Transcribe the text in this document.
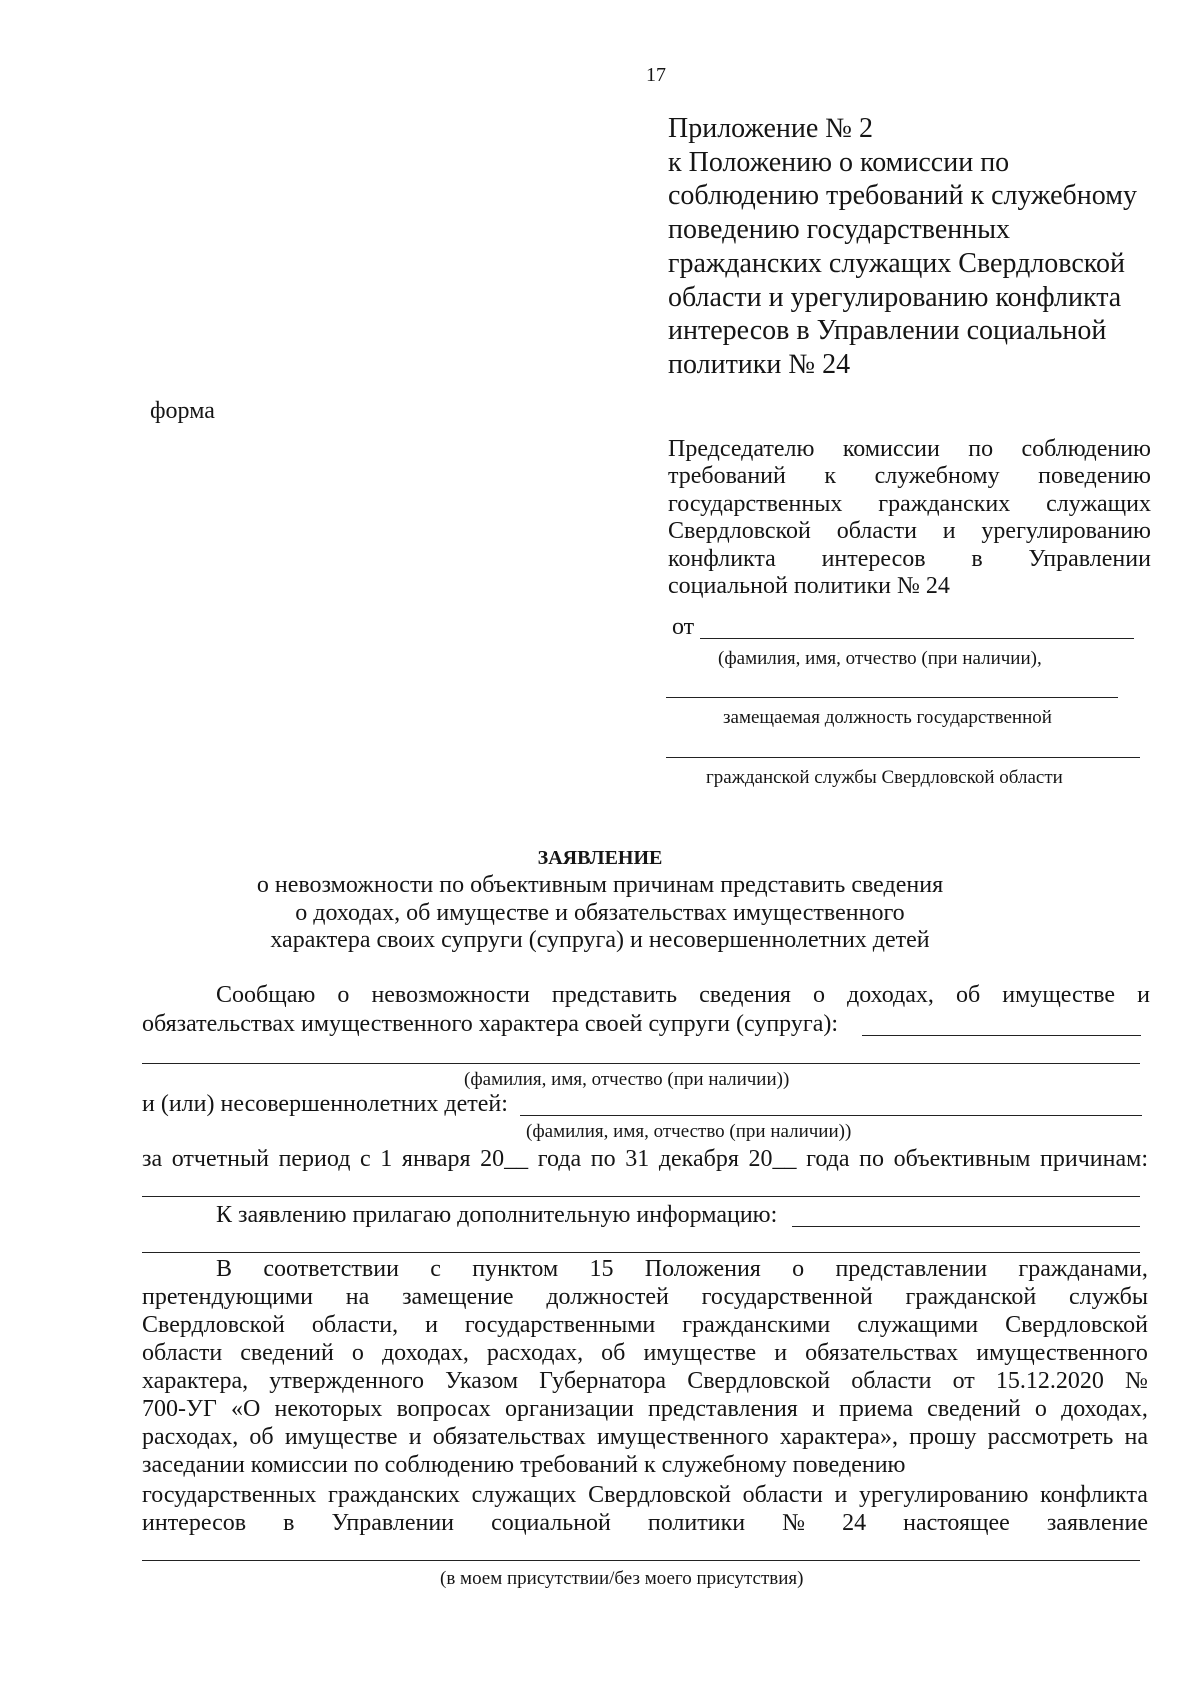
17
Приложение № 2
к Положению о комиссии по
соблюдению требований к служебному
поведению государственных
гражданских служащих Свердловской
области и урегулированию конфликта
интересов в Управлении социальной
политики № 24
форма
Председателю комиссии по соблюдению
требований к служебному поведению
государственных гражданских служащих
Свердловской области и урегулированию
конфликта интересов в Управлении
социальной политики № 24
от
(фамилия, имя, отчество (при наличии),
замещаемая должность государственной
гражданской службы Свердловской области
ЗАЯВЛЕНИЕ
о невозможности по объективным причинам представить сведения
о доходах, об имуществе и обязательствах имущественного
характера своих супруги (супруга) и несовершеннолетних детей
Сообщаю о невозможности представить сведения о доходах, об имуществе и
обязательствах имущественного характера своей супруги (супруга):
(фамилия, имя, отчество (при наличии))
и (или) несовершеннолетних детей:
(фамилия, имя, отчество (при наличии))
за отчетный период с 1 января 20__ года по 31 декабря 20__ года по объективным причинам:
К заявлению прилагаю дополнительную информацию:
В соответствии с пунктом 15 Положения о представлении гражданами,
претендующими на замещение должностей государственной гражданской службы
Свердловской области, и государственными гражданскими служащими Свердловской
области сведений о доходах, расходах, об имуществе и обязательствах имущественного
характера, утвержденного Указом Губернатора Свердловской области от 15.12.2020 №
700-УГ «О некоторых вопросах организации представления и приема сведений о доходах,
расходах, об имуществе и обязательствах имущественного характера», прошу рассмотреть на
заседании комиссии по соблюдению требований к служебному поведению
государственных гражданских служащих Свердловской области и урегулированию конфликта
интересов в Управлении социальной политики № 24 настоящее заявление
(в моем присутствии/без моего присутствия)
